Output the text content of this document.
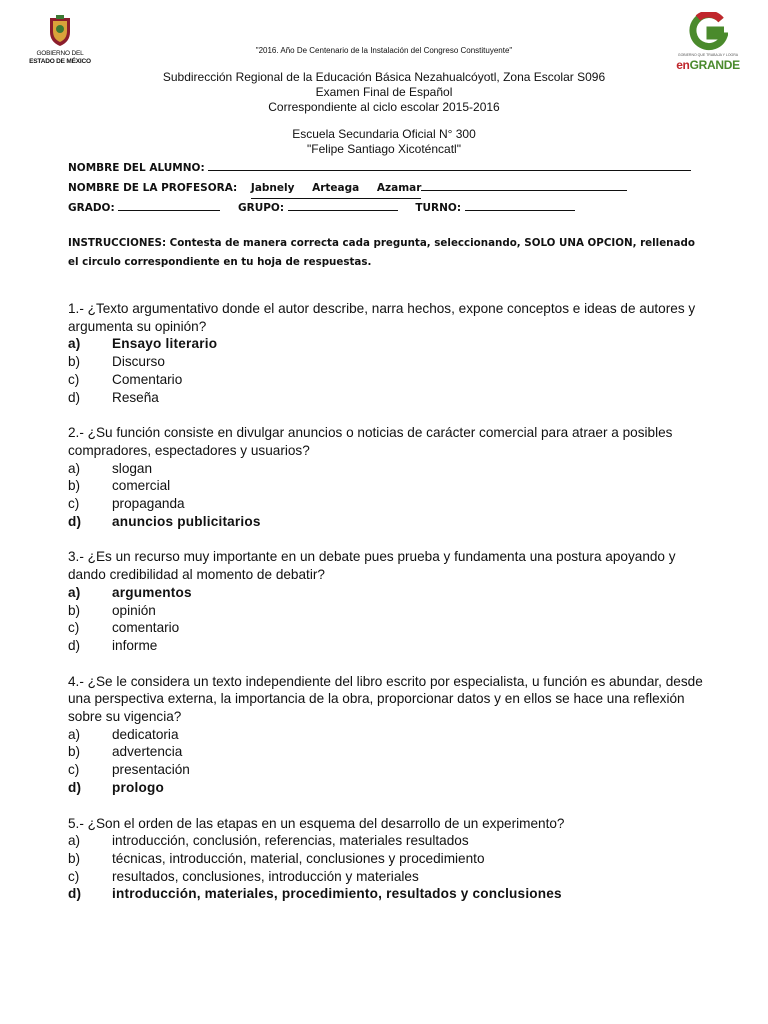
GOBIERNO DEL
ESTADO DE MÉXICO
GOBIERNO QUE TRABAJA Y LOGRA
enGRANDE
"2016. Año De Centenario de la Instalación del Congreso Constituyente"
Subdirección Regional de la Educación Básica Nezahualcóyotl, Zona Escolar S096
Examen Final de Español
Correspondiente al ciclo escolar 2015-2016
Escuela Secundaria Oficial N° 300
"Felipe Santiago Xicoténcatl"
NOMBRE DEL ALUMNO:
NOMBRE DE LA PROFESORA: Jabnely Arteaga Azamar
GRADO:	GRUPO:	TURNO:
INSTRUCCIONES: Contesta de manera correcta cada pregunta, seleccionando, SOLO UNA OPCION, rellenado el circulo correspondiente en tu hoja de respuestas.

1.- ¿Texto argumentativo donde el autor describe, narra hechos, expone conceptos e ideas de autores y argumenta su opinión?

a)	Ensayo literario
b)	Discurso
c)	Comentario
d)	Reseña

2.- ¿Su función consiste en divulgar anuncios o noticias de carácter comercial para atraer a posibles compradores, espectadores y usuarios?

a)	slogan
b)	comercial
c)	propaganda
d)	anuncios publicitarios

3.- ¿Es un recurso muy importante en un debate pues prueba y fundamenta una postura apoyando y dando credibilidad al momento de debatir?

a)	argumentos
b)	opinión
c)	comentario
d)	informe

4.- ¿Se le considera un texto independiente del libro escrito por especialista, u función es abundar, desde una perspectiva externa, la importancia de la obra, proporcionar datos y en ellos se hace una reflexión sobre su vigencia?

a)	dedicatoria
b)	advertencia
c)	presentación
d)	prologo

5.- ¿Son el orden de las etapas en un esquema del desarrollo de un experimento?

a)	introducción, conclusión, referencias, materiales resultados
b)	técnicas, introducción, material, conclusiones y procedimiento
c)	resultados, conclusiones, introducción y materiales
d)	introducción, materiales, procedimiento, resultados y conclusiones
